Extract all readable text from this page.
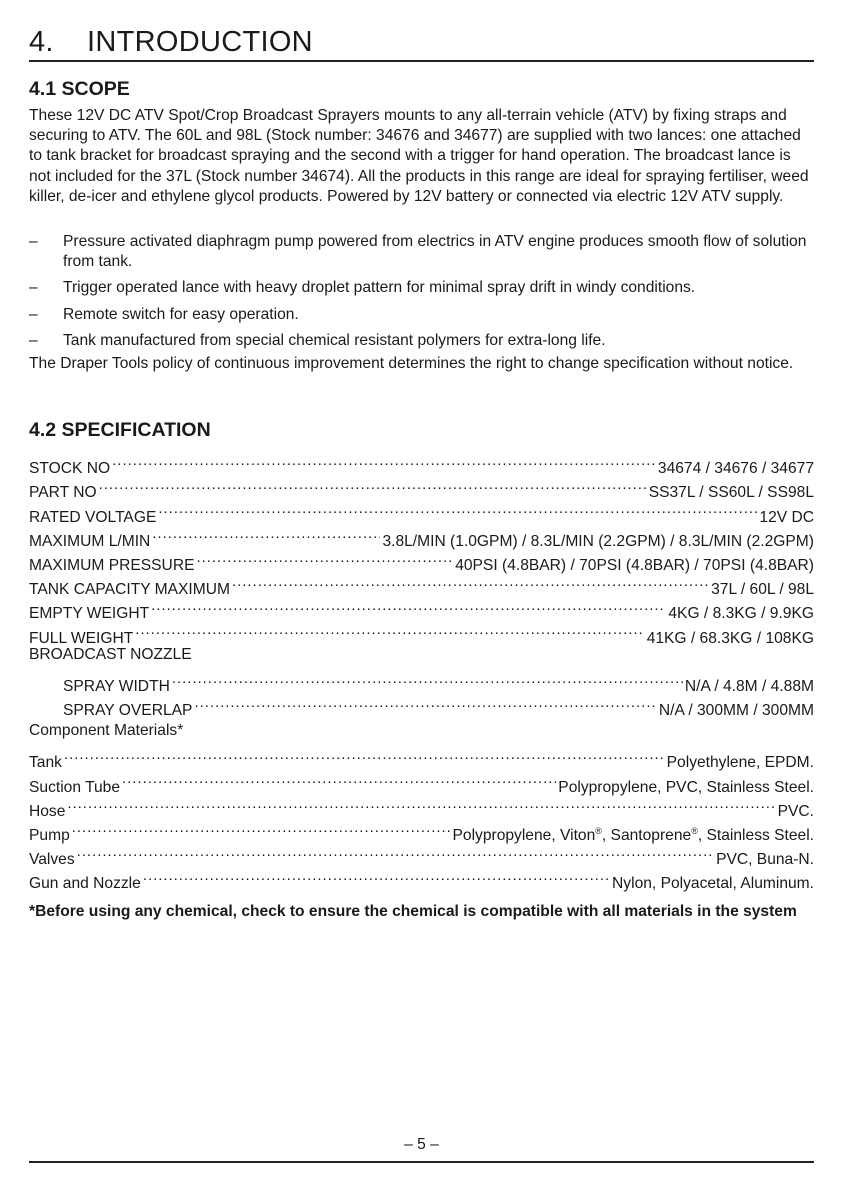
4. INTRODUCTION
4.1 SCOPE
These 12V DC ATV Spot/Crop Broadcast Sprayers mounts to any all-terrain vehicle (ATV) by fixing straps and securing to ATV. The 60L and 98L (Stock number: 34676 and 34677) are supplied with two lances: one attached to tank bracket for broadcast spraying and the second with a trigger for hand operation. The broadcast lance is not included for the 37L (Stock number 34674). All the products in this range are ideal for spraying fertiliser, weed killer, de-icer and ethylene glycol products. Powered by 12V battery or connected via electric 12V ATV supply.
– Pressure activated diaphragm pump powered from electrics in ATV engine produces smooth flow of solution from tank.
– Trigger operated lance with heavy droplet pattern for minimal spray drift in windy conditions.
– Remote switch for easy operation.
– Tank manufactured from special chemical resistant polymers for extra-long life.
The Draper Tools policy of continuous improvement determines the right to change specification without notice.
4.2 SPECIFICATION
STOCK NO . . .	34674 / 34676 / 34677
PART NO . . .	SS37L / SS60L / SS98L
RATED VOLTAGE . . .	12V DC
MAXIMUM L/MIN . . .	3.8L/MIN (1.0GPM) / 8.3L/MIN (2.2GPM) / 8.3L/MIN (2.2GPM)
MAXIMUM PRESSURE . . .	40PSI (4.8BAR) / 70PSI (4.8BAR) / 70PSI (4.8BAR)
TANK CAPACITY MAXIMUM . . .	37L / 60L / 98L
EMPTY WEIGHT . . .	4KG / 8.3KG / 9.9KG
FULL WEIGHT . . .	41KG / 68.3KG / 108KG
BROADCAST NOZZLE
SPRAY WIDTH . . .	N/A / 4.8M / 4.88M
SPRAY OVERLAP . . .	N/A / 300MM / 300MM
Component Materials*
Tank . . .	Polyethylene, EPDM.
Suction Tube . . .	Polypropylene, PVC, Stainless Steel.
Hose . . .	PVC.
Pump . . .	Polypropylene, Viton®, Santoprene®, Stainless Steel.
Valves . . .	PVC, Buna-N.
Gun and Nozzle . . .	Nylon, Polyacetal, Aluminum.
*Before using any chemical, check to ensure the chemical is compatible with all materials in the system
– 5 –
